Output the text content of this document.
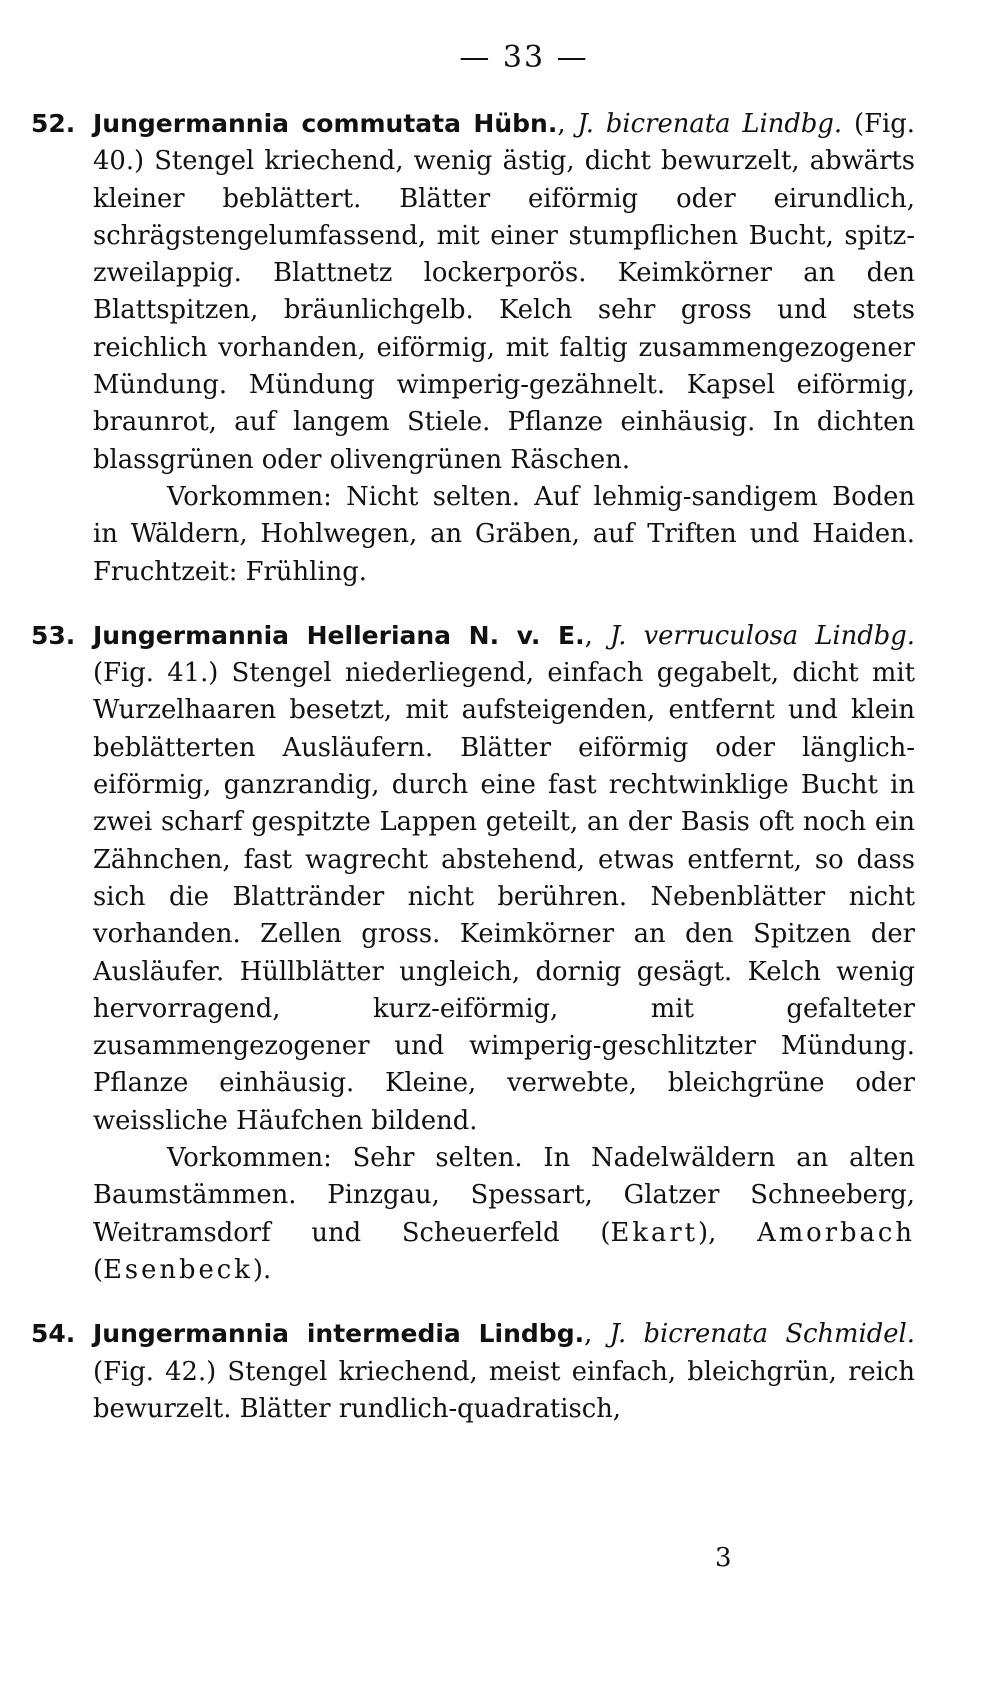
— 33 —

52. Jungermannia commutata Hübn., J. bicrenata Lindbg. (Fig. 40.) Stengel kriechend, wenig ästig, dicht bewurzelt, abwärts kleiner beblättert. Blätter eiförmig oder eirundlich, schrägstengelumfassend, mit einer stumpflichen Bucht, spitz-zweilappig. Blattnetz lockerporös. Keimkörner an den Blattspitzen, bräunlichgelb. Kelch sehr gross und stets reichlich vorhanden, eiförmig, mit faltig zusammengezogener Mündung. Mündung wimperig-gezähnelt. Kapsel eiförmig, braunrot, auf langem Stiele. Pflanze einhäusig. In dichten blassgrünen oder olivengrünen Räschen.

Vorkommen: Nicht selten. Auf lehmig-sandigem Boden in Wäldern, Hohlwegen, an Gräben, auf Triften und Haiden. Fruchtzeit: Frühling.

53. Jungermannia Helleriana N. v. E., J. verruculosa Lindbg. (Fig. 41.) Stengel niederliegend, einfach gegabelt, dicht mit Wurzelhaaren besetzt, mit aufsteigenden, entfernt und klein beblätterten Ausläufern. Blätter eiförmig oder länglich-eiförmig, ganzrandig, durch eine fast rechtwinklige Bucht in zwei scharf gespitzte Lappen geteilt, an der Basis oft noch ein Zähnchen, fast wagrecht abstehend, etwas entfernt, so dass sich die Blattränder nicht berühren. Nebenblätter nicht vorhanden. Zellen gross. Keimkörner an den Spitzen der Ausläufer. Hüllblätter ungleich, dornig gesägt. Kelch wenig hervorragend, kurz-eiförmig, mit gefalteter zusammengezogener und wimperig-geschlitzter Mündung. Pflanze einhäusig. Kleine, verwebte, bleichgrüne oder weissliche Häufchen bildend.

Vorkommen: Sehr selten. In Nadelwäldern an alten Baumstämmen. Pinzgau, Spessart, Glatzer Schneeberg, Weitramsdorf und Scheuerfeld (Ekart), Amorbach (Esenbeck).

54. Jungermannia intermedia Lindbg., J. bicrenata Schmidel. (Fig. 42.) Stengel kriechend, meist einfach, bleichgrün, reich bewurzelt. Blätter rundlich-quadratisch,

3
